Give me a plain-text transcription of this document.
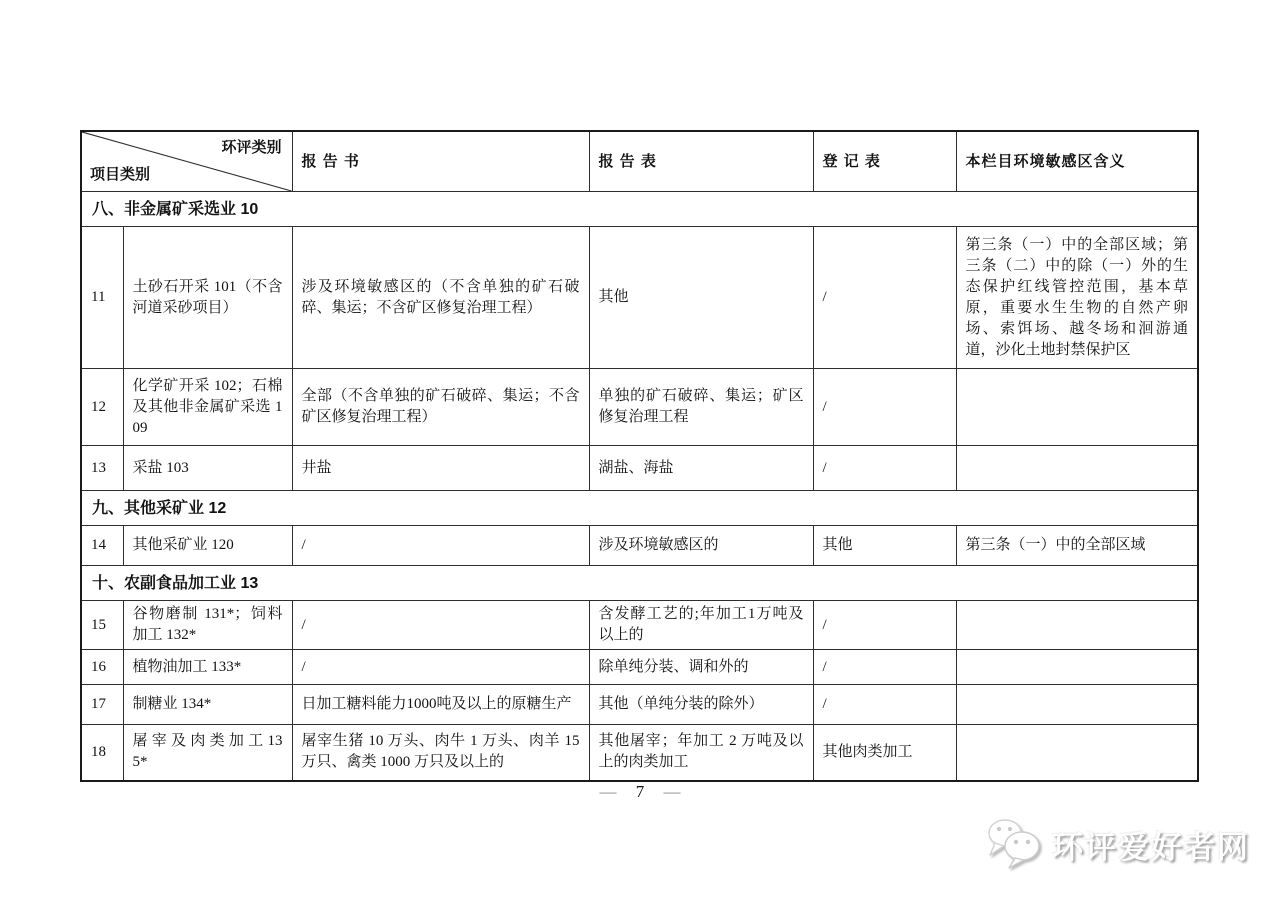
环评类别
项目类别		报 告 书	报 告 表	登 记 表	本栏目环境敏感区含义
八、非金属矿采选业 10					
11	土砂石开采 101（不含河道采砂项目）	涉及环境敏感区的（不含单独的矿石破碎、集运；不含矿区修复治理工程）	其他	/	第三条（一）中的全部区域；第三条（二）中的除（一）外的生态保护红线管控范围，基本草原，重要水生生物的自然产卵场、索饵场、越冬场和洄游通道，沙化土地封禁保护区
12	化学矿开采 102；石棉及其他非金属矿采选 109	全部（不含单独的矿石破碎、集运；不含矿区修复治理工程）	单独的矿石破碎、集运；矿区修复治理工程	/	
13	采盐 103	井盐	湖盐、海盐	/	
九、其他采矿业 12					
14	其他采矿业 120	/	涉及环境敏感区的	其他	第三条（一）中的全部区域
十、农副食品加工业 13					
15	谷物磨制 131*；饲料加工 132*	/	含发酵工艺的;年加工1万吨及以上的	/	
16	植物油加工 133*	/	除单纯分装、调和外的	/	
17	制糖业 134*	日加工糖料能力1000吨及以上的原糖生产	其他（单纯分装的除外）	/	
18	屠 宰 及 肉 类 加 工 135*	屠宰生猪 10 万头、肉牛 1 万头、肉羊 15 万只、禽类 1000 万只及以上的	其他屠宰；年加工 2 万吨及以上的肉类加工	其他肉类加工	
— 7 —
环评爱好者网
